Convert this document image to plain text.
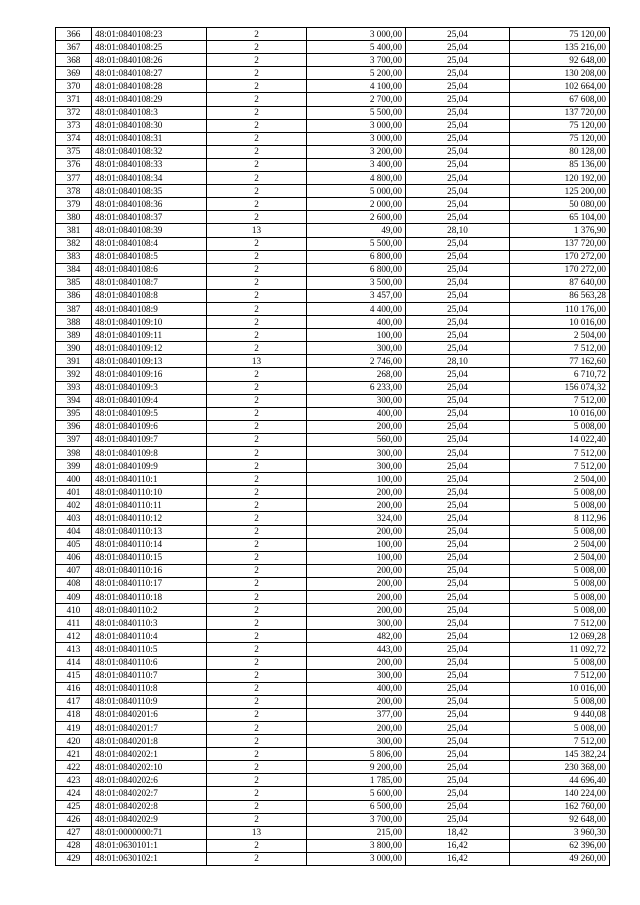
366	48:01:0840108:23	2	3 000,00	25,04	75 120,00
367	48:01:0840108:25	2	5 400,00	25,04	135 216,00
368	48:01:0840108:26	2	3 700,00	25,04	92 648,00
369	48:01:0840108:27	2	5 200,00	25,04	130 208,00
370	48:01:0840108:28	2	4 100,00	25,04	102 664,00
371	48:01:0840108:29	2	2 700,00	25,04	67 608,00
372	48:01:0840108:3	2	5 500,00	25,04	137 720,00
373	48:01:0840108:30	2	3 000,00	25,04	75 120,00
374	48:01:0840108:31	2	3 000,00	25,04	75 120,00
375	48:01:0840108:32	2	3 200,00	25,04	80 128,00
376	48:01:0840108:33	2	3 400,00	25,04	85 136,00
377	48:01:0840108:34	2	4 800,00	25,04	120 192,00
378	48:01:0840108:35	2	5 000,00	25,04	125 200,00
379	48:01:0840108:36	2	2 000,00	25,04	50 080,00
380	48:01:0840108:37	2	2 600,00	25,04	65 104,00
381	48:01:0840108:39	13	49,00	28,10	1 376,90
382	48:01:0840108:4	2	5 500,00	25,04	137 720,00
383	48:01:0840108:5	2	6 800,00	25,04	170 272,00
384	48:01:0840108:6	2	6 800,00	25,04	170 272,00
385	48:01:0840108:7	2	3 500,00	25,04	87 640,00
386	48:01:0840108:8	2	3 457,00	25,04	86 563,28
387	48:01:0840108:9	2	4 400,00	25,04	110 176,00
388	48:01:0840109:10	2	400,00	25,04	10 016,00
389	48:01:0840109:11	2	100,00	25,04	2 504,00
390	48:01:0840109:12	2	300,00	25,04	7 512,00
391	48:01:0840109:13	13	2 746,00	28,10	77 162,60
392	48:01:0840109:16	2	268,00	25,04	6 710,72
393	48:01:0840109:3	2	6 233,00	25,04	156 074,32
394	48:01:0840109:4	2	300,00	25,04	7 512,00
395	48:01:0840109:5	2	400,00	25,04	10 016,00
396	48:01:0840109:6	2	200,00	25,04	5 008,00
397	48:01:0840109:7	2	560,00	25,04	14 022,40
398	48:01:0840109:8	2	300,00	25,04	7 512,00
399	48:01:0840109:9	2	300,00	25,04	7 512,00
400	48:01:0840110:1	2	100,00	25,04	2 504,00
401	48:01:0840110:10	2	200,00	25,04	5 008,00
402	48:01:0840110:11	2	200,00	25,04	5 008,00
403	48:01:0840110:12	2	324,00	25,04	8 112,96
404	48:01:0840110:13	2	200,00	25,04	5 008,00
405	48:01:0840110:14	2	100,00	25,04	2 504,00
406	48:01:0840110:15	2	100,00	25,04	2 504,00
407	48:01:0840110:16	2	200,00	25,04	5 008,00
408	48:01:0840110:17	2	200,00	25,04	5 008,00
409	48:01:0840110:18	2	200,00	25,04	5 008,00
410	48:01:0840110:2	2	200,00	25,04	5 008,00
411	48:01:0840110:3	2	300,00	25,04	7 512,00
412	48:01:0840110:4	2	482,00	25,04	12 069,28
413	48:01:0840110:5	2	443,00	25,04	11 092,72
414	48:01:0840110:6	2	200,00	25,04	5 008,00
415	48:01:0840110:7	2	300,00	25,04	7 512,00
416	48:01:0840110:8	2	400,00	25,04	10 016,00
417	48:01:0840110:9	2	200,00	25,04	5 008,00
418	48:01:0840201:6	2	377,00	25,04	9 440,08
419	48:01:0840201:7	2	200,00	25,04	5 008,00
420	48:01:0840201:8	2	300,00	25,04	7 512,00
421	48:01:0840202:1	2	5 806,00	25,04	145 382,24
422	48:01:0840202:10	2	9 200,00	25,04	230 368,00
423	48:01:0840202:6	2	1 785,00	25,04	44 696,40
424	48:01:0840202:7	2	5 600,00	25,04	140 224,00
425	48:01:0840202:8	2	6 500,00	25,04	162 760,00
426	48:01:0840202:9	2	3 700,00	25,04	92 648,00
427	48:01:0000000:71	13	215,00	18,42	3 960,30
428	48:01:0630101:1	2	3 800,00	16,42	62 396,00
429	48:01:0630102:1	2	3 000,00	16,42	49 260,00
